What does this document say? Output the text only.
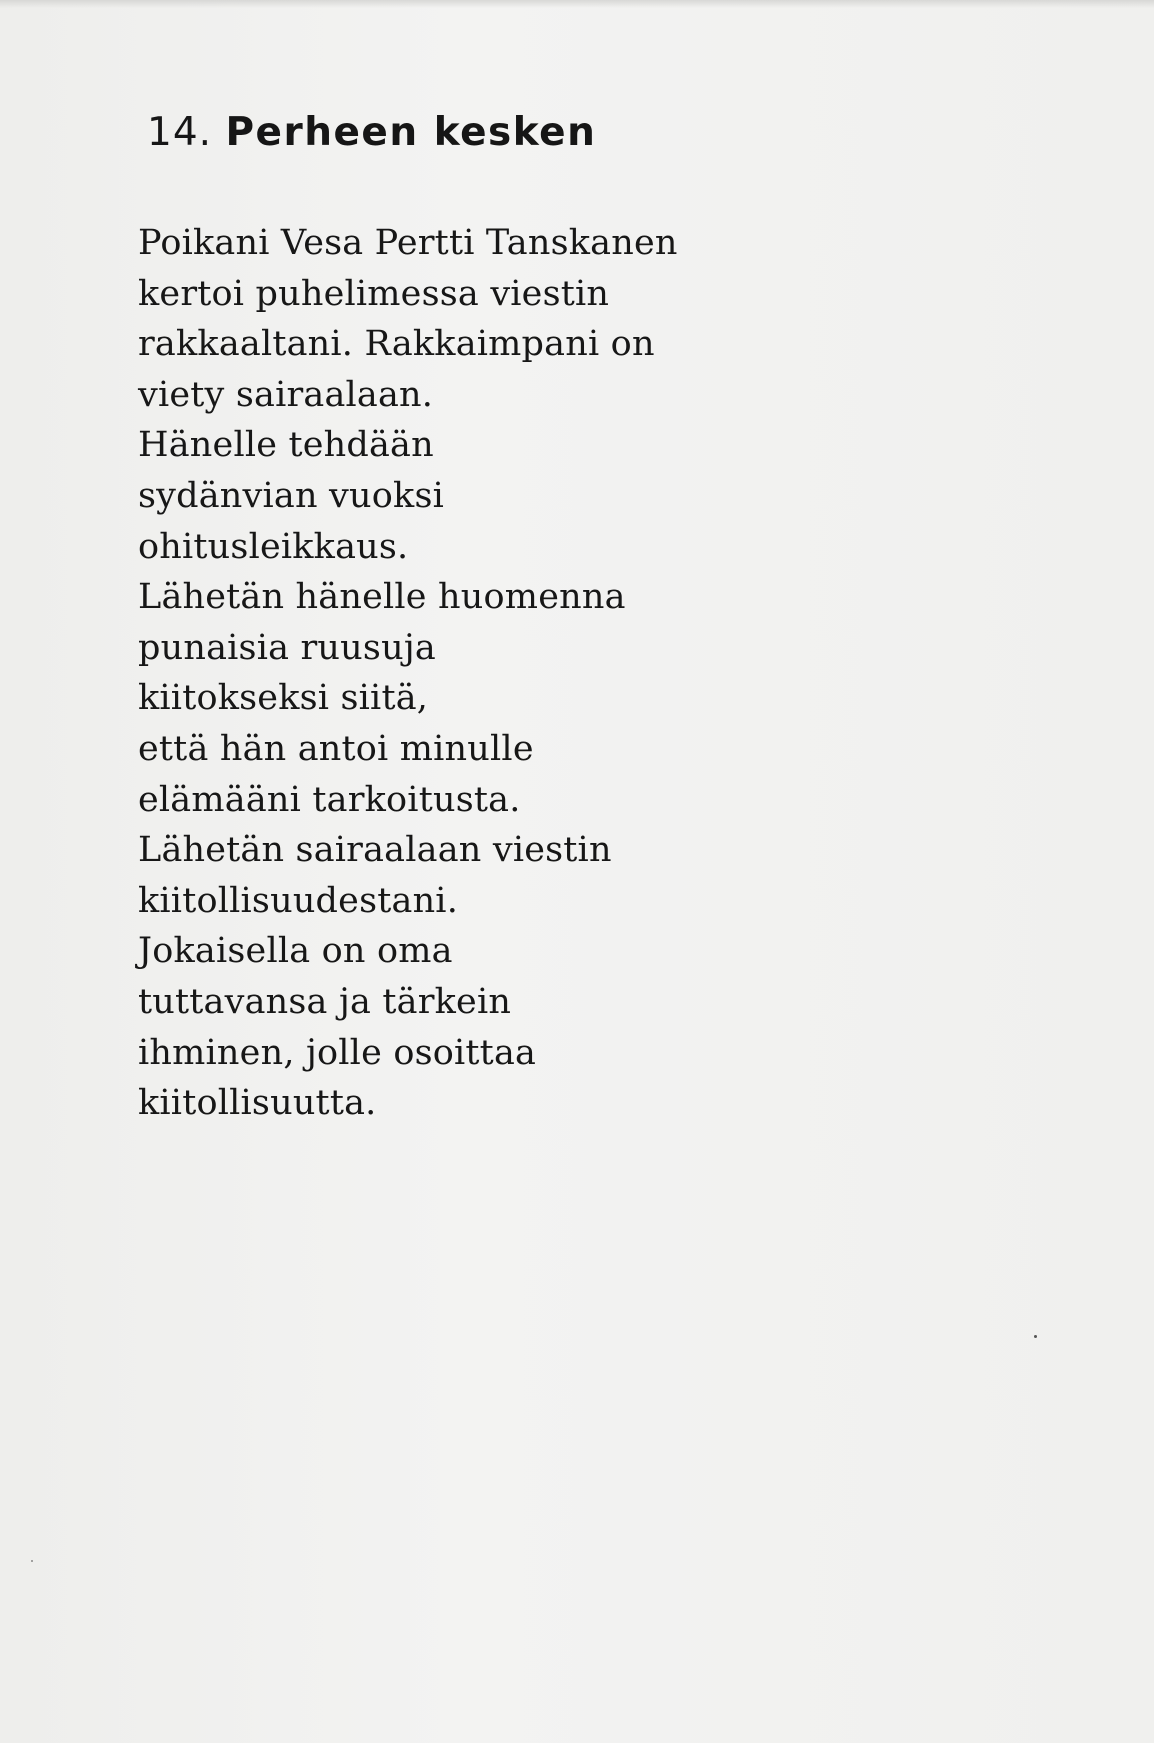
14. Perheen kesken
Poikani Vesa Pertti Tanskanen
kertoi puhelimessa viestin
rakkaaltani. Rakkaimpani on
viety sairaalaan.
Hänelle tehdään
sydänvian vuoksi
ohitusleikkaus.
Lähetän hänelle huomenna
punaisia ruusuja
kiitokseksi siitä,
että hän antoi minulle
elämääni tarkoitusta.
Lähetän sairaalaan viestin
kiitollisuudestani.
Jokaisella on oma
tuttavansa ja tärkein
ihminen, jolle osoittaa
kiitollisuutta.
